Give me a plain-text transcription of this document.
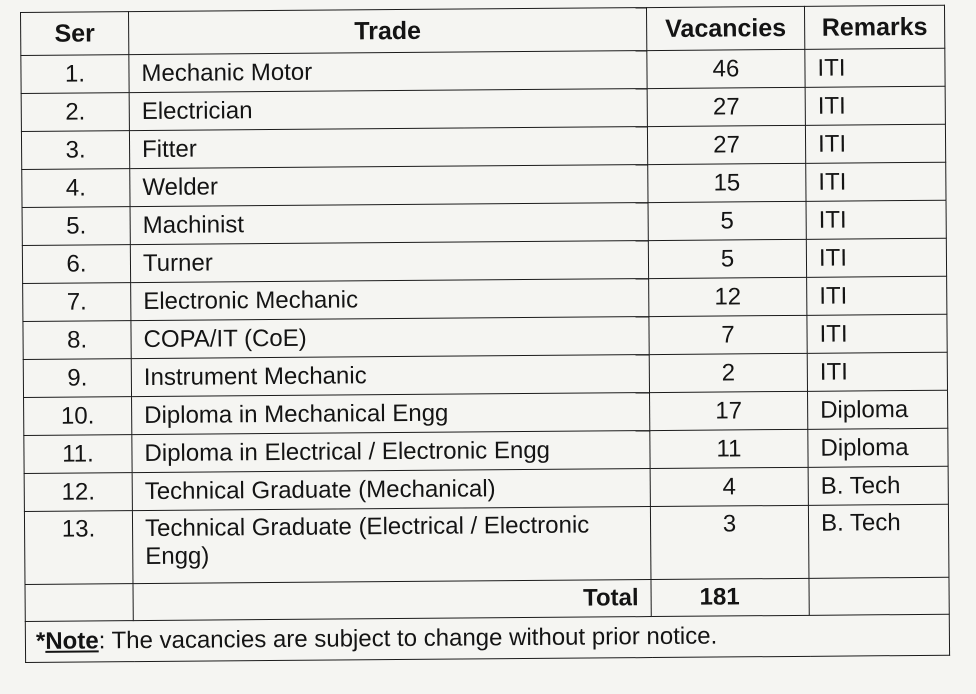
Ser	Trade	Vacancies	Remarks
1.	Mechanic Motor	46	ITI
2.	Electrician	27	ITI
3.	Fitter	27	ITI
4.	Welder	15	ITI
5.	Machinist	5	ITI
6.	Turner	5	ITI
7.	Electronic Mechanic	12	ITI
8.	COPA/IT (CoE)	7	ITI
9.	Instrument Mechanic	2	ITI
10.	Diploma in Mechanical Engg	17	Diploma
11.	Diploma in Electrical / Electronic Engg	11	Diploma
12.	Technical Graduate (Mechanical)	4	B. Tech
13.	Technical Graduate (Electrical / Electronic Engg)	3	B. Tech
	Total	181	
*Note: The vacancies are subject to change without prior notice.			
